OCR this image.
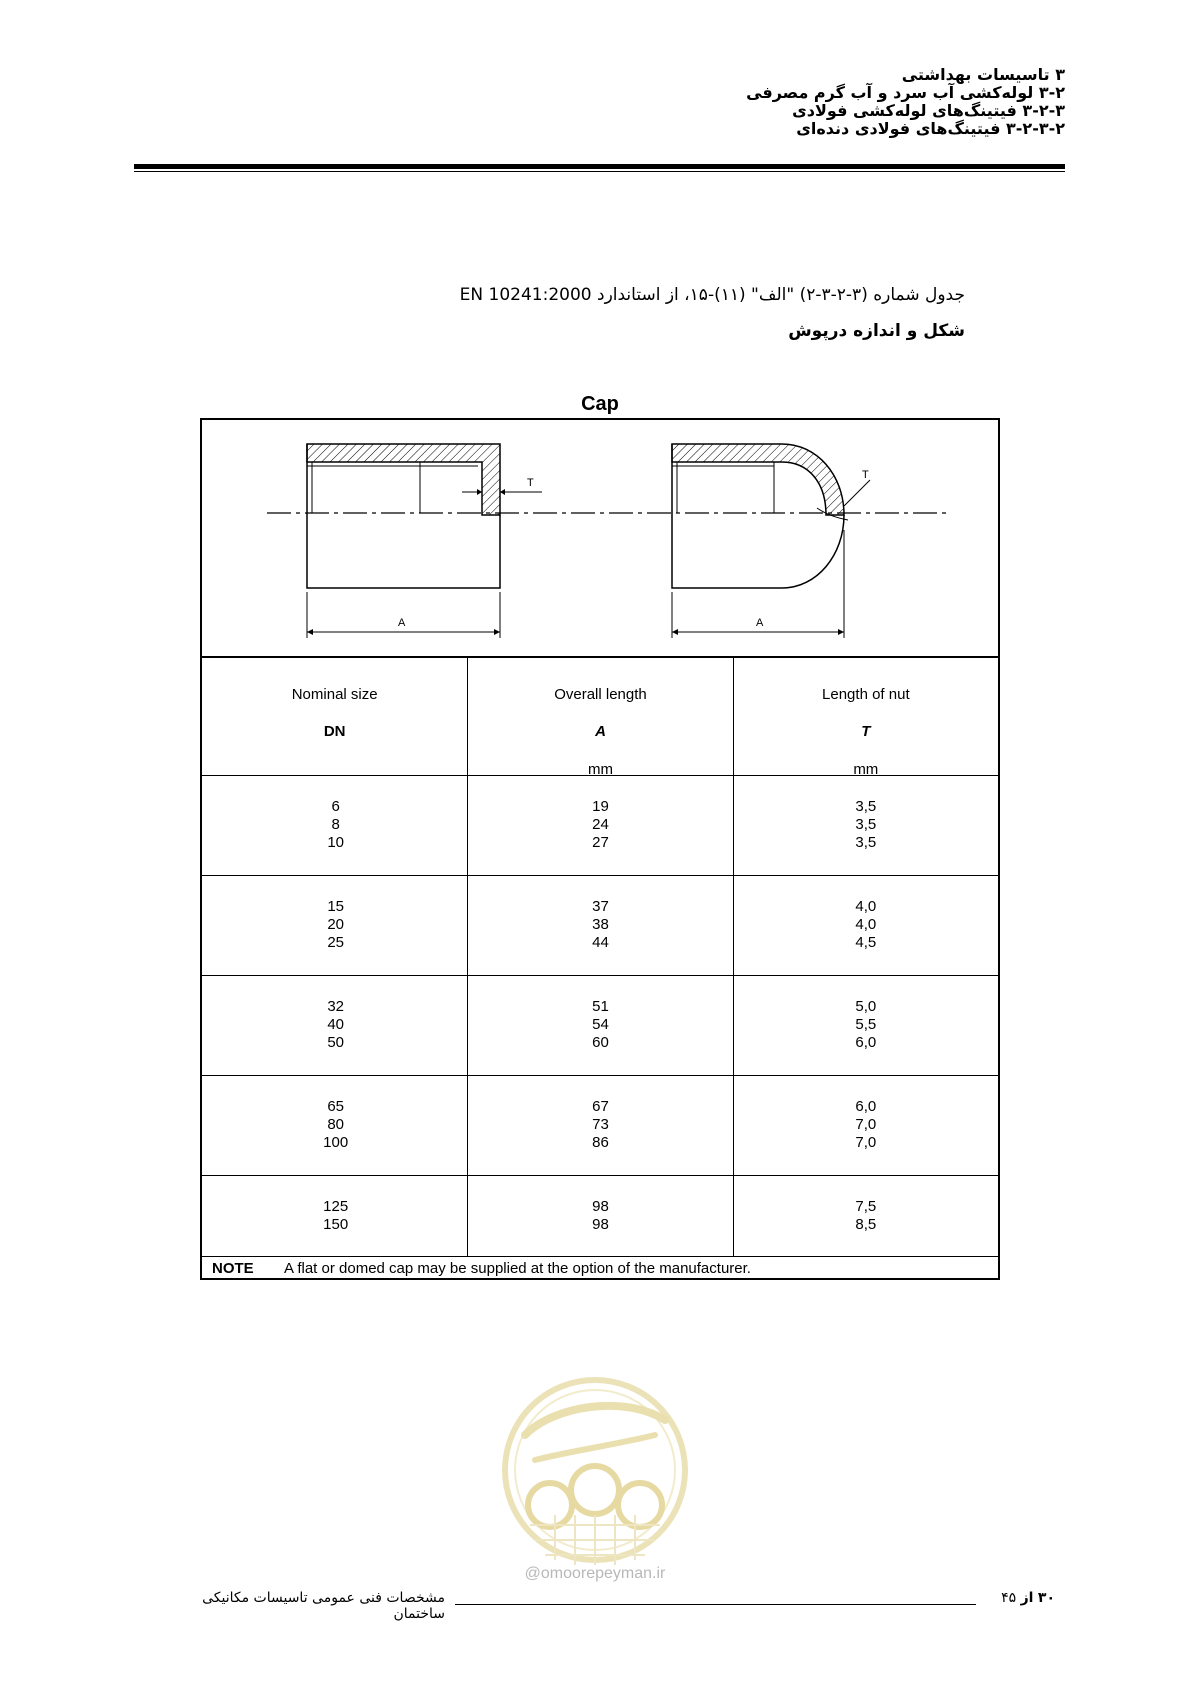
۳ تاسیسات بهداشتی
۳-۲ لوله‌کشی آب سرد و آب گرم مصرفی
۳-۲-۳ فیتینگ‌های لوله‌کشی فولادی
۳-۲-۳-۲ فیتینگ‌های فولادی دنده‌ای
جدول شماره (۳-۲-۳-۲) "الف" (۱۱)-۱۵، از استاندارد EN 10241:2000
شکل و اندازه درپوش
Cap
T
A
T
A
Nominal size
DN
Overall length
A
mm
Length of nut
T
mm
6
8
10
19
24
27
3,5
3,5
3,5
15
20
25
37
38
44
4,0
4,0
4,5
32
40
50
51
54
60
5,0
5,5
6,0
65
80
100
67
73
86
6,0
7,0
7,0
125
150
98
98
7,5
8,5
NOTE A flat or domed cap may be supplied at the option of the manufacturer.
@omoorepeyman.ir
مشخصات فنی عمومی تاسیسات مکانیکی ساختمان
۳۰ از ۴۵
